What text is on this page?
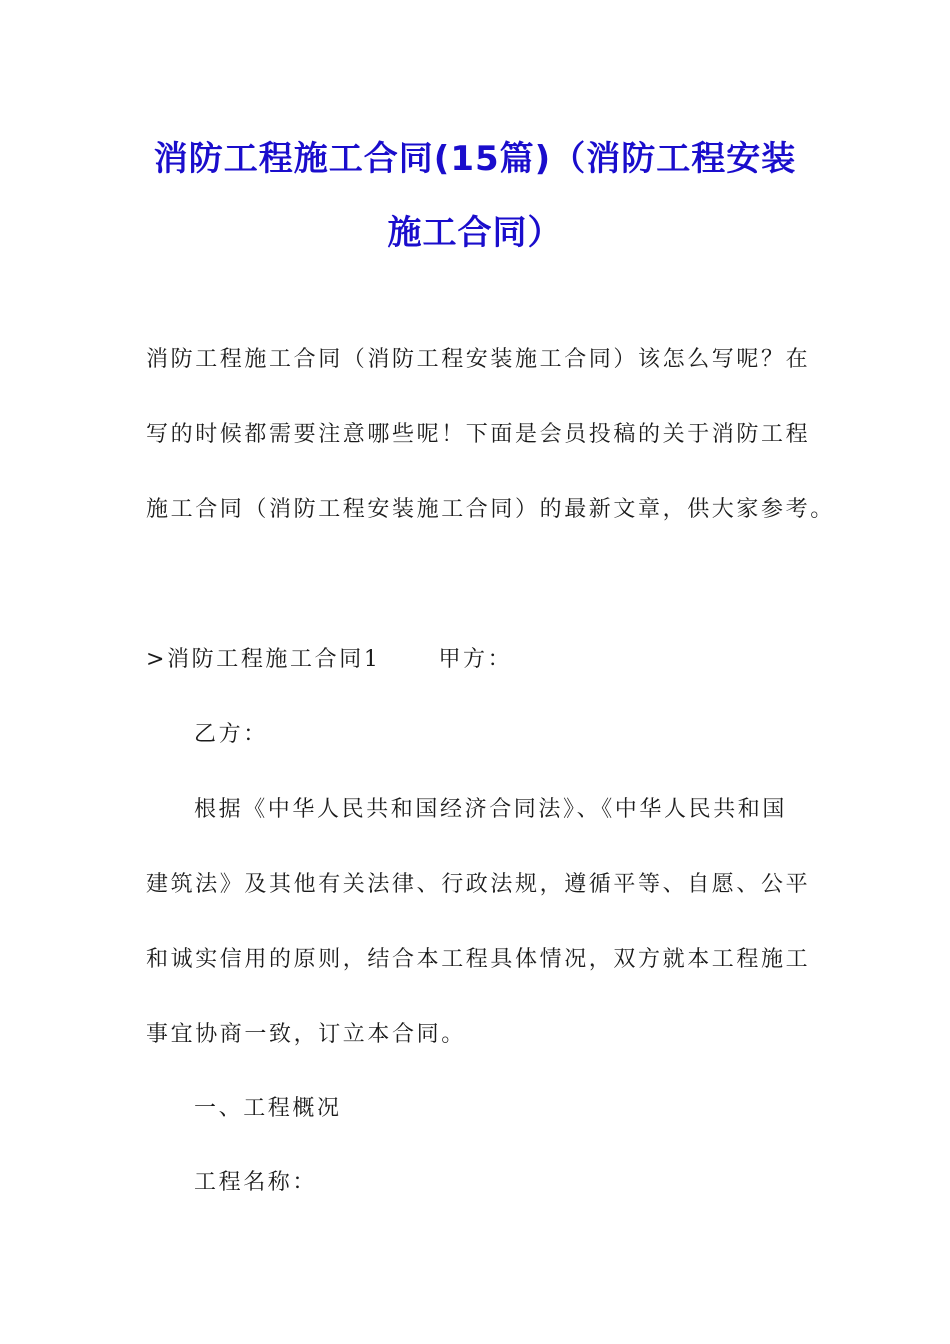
消防工程施工合同(15篇)（消防工程安装
施工合同）
消防工程施工合同（消防工程安装施工合同）该怎么写呢？在
写的时候都需要注意哪些呢！下面是会员投稿的关于消防工程
施工合同（消防工程安装施工合同）的最新文章，供大家参考。
>消防工程施工合同1	甲方：
乙方：
根据《中华人民共和国经济合同法》、《中华人民共和国
建筑法》及其他有关法律、行政法规，遵循平等、自愿、公平
和诚实信用的原则，结合本工程具体情况，双方就本工程施工
事宜协商一致，订立本合同。
一、工程概况
工程名称：
